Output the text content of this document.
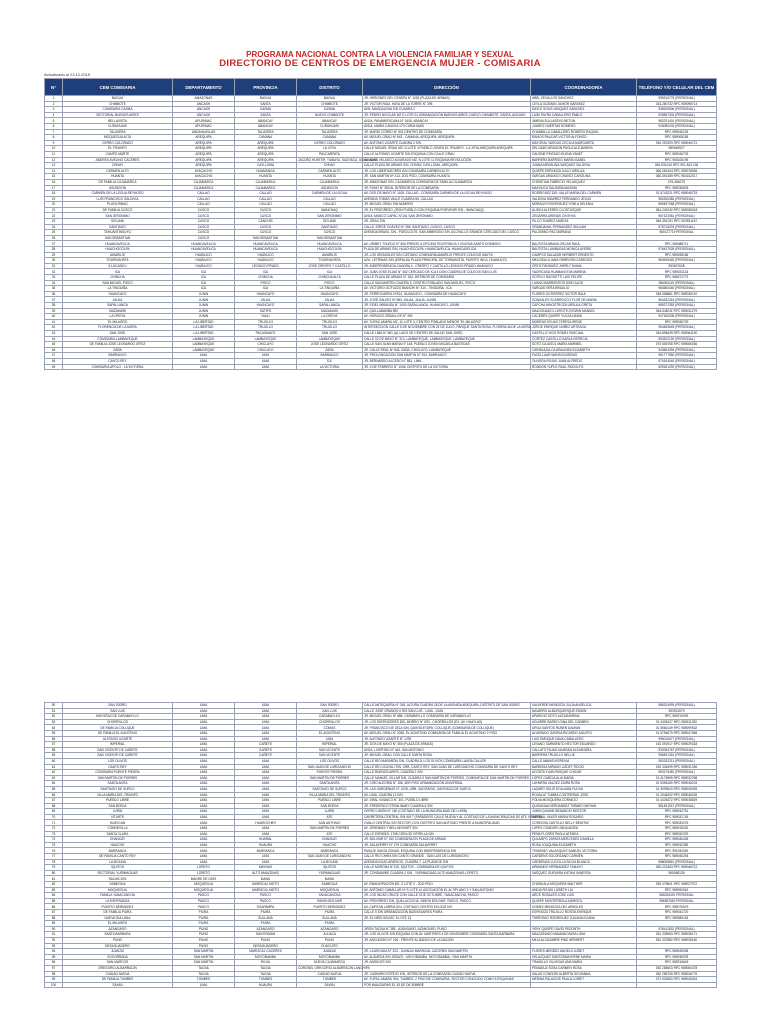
PROGRAMA NACIONAL CONTRA LA VIOLENCIA FAMILIAR Y SEXUAL
DIRECTORIO DE CENTROS DE EMERGENCIA MUJER - COMISARIA
Actualizado al 23.12.2019
N°	CEM COMISARIA	DEPARTAMENTO	PROVINCIA	DISTRITO	DIRECCIÓN	COORDINADOR/A	TELÉFONO Y/O CELULAR DEL CEM
1	BAGUA	AMAZONAS	BAGUA	BAGUA	JR. HEROINES DEL CENEPA N° 1026 (PLAZA DE ARMAS)	ABEL ZEVALLOS SÁNCHEZ	995316775 (PERSONAL)
2	CHIMBOTE	ANCASH	SANTA	CHIMBOTE	JR. VICTOR RAUL HAYA DE LA TORRE N° 296	LEYLA GUZMAN JUNIOR NARVAEZ	043-280732 RPC 989098714
3	COMISARIA CASMA	ANCASH	CASMA	CASMA	AVN. MAGDALENA S/N CUADRA 2	DAYLE SOLIS VASQUEZ SÁNCHEZ	938190806 (PERSONAL)
4	SECTORIAL BUENOS AIRES	ANCASH	SANTA	NUEVO CHIMBOTE	JR. PEDRO NICOLÁS MZ E LOTE 01 URBANIZACIÓN BUENOS AIRES, NUEVO CHIMBOTE, SANTA, ANCASH	LAIDI PAYRA CABALLERO PABLO	925557303 (PERSONAL)
5	BELLAVISTA	APURIMAC	ABANCAY	ABANCAY	AVDA. PANAMERICANA N° 1608, ABANCAY	JIMENA SULLASEVO BETUN	983751401 (PERSONAL)
6	CURAHUASI	APURIMAC	ABANCAY	CURAHUASI	AVDA. MARÍA CANCHA 170 CURAHUASI	JUAREZ HUERTAS ROMERO	925080203 (PERSONAL)
7	TALAVERA	ANDAHUAYLAS	TALAVERA	TALAVERA	JR. MARIO CORRO N° 601 DENTRO DE COMISARÍA	CHAMBILLA CABALLERO ROMERO RAQUEL	RPC 989046193
8	MOQUEGUA ALTA	AREQUIPA	CAMANA	CAMANA	AV. MIGUEL GRAU Nº 843 - CAMANÁ, AREQUIPA, AREQUIPA	RAMOS PAUCAR VICTOR ALFONSO	RPC 989008165
9	CERRO COLORADO	AREQUIPA	AREQUIPA	CERRO COLORADO	AV. ANTONIO UGARTE CUADRA 2 S/N	MAYORAL VARGAS CECILIA MARGARITA	054 257693 RPC 989046721
10	EL TRIUNFO	AREQUIPA	AREQUIPA	LA JOYA	CALLE MIGUEL GRAU MZ. D LOTE 4 PUEBLO JOVEN EL TRIUNFO - LA JOYA AREQUIPA AREQUIPA	DELGADO ARAGON PAOLA ALEJANDRA	989046527
11	CAMPO MARTE	AREQUIPA	AREQUIPA	PAUCARPATA	CALLE ALFONSO UGARTE S/N ESQUINA CON CALLE GRAU	CALIENE PINTADO ELENA YANET	RPC 989046733
12	ANDRES AVELINO CACERES	AREQUIPA	AREQUIPA	JACOBO HUNTER, TIABAYA, SACHACA, UCHUMAYO	AV. JUAN VELASCO ALVARADO MZ. N LOTE 11 ESQUINA REVOLUCION	BARRERA BARRIGO MARIA ISABEL	RPC 955106195
13	CHIVAY	AREQUIPA	CAYLLOMA	CHIVAY	CALLE PLAZA DE ARMAS S/N, CHIVAY, CAYLLOMA, AREQUIPA	JUANA MEDALINA VASQUEZ VALDIVIA	054-531016 RPC 991 843 138
14	CARMEN ALTO	AYACUCHO	HUAMANGA	CARMEN ALTO	JR. LOS LIBERTADORES S/N COMISARÍA CARMEN ALTO	QUISPE ESPINOZA JULIO URSULA	066-281544 RPC 989078096
15	HUANTA	AYACUCHO	HUANTA	HUANTA	JR. SAN MARTÍN Nº 413, 2DO PISO, COMISARÍA HUANTA	VARGAS ARANGO CHAVEZ CAROLINA	066-391359 RPC 983152017
16	DE FAMILIA CAJAMARCA	CAJAMARCA	CAJAMARCA	CAJAMARCA	JR. AMAZONAS S/N, CAJAMARCA COMISARÍA DE FAMILIA CAJAMARCA	CHRISTIAN FABRICIO VELASQUEZ	076-366279
17	ASUNCION	CAJAMARCA	CAJAMARCA	ASUNCION	JR. PUNO N° 353 AL INTERIOR DE LA COMISARÍA	MACHUCA SALDAÑA MAXIMA	RPC 989036603
18	CARMEN DE LA LEGUA REYNOSO	CALLAO	CALLAO	CARMEN DE LA LEGUA	AV. DOS DE MAYO N° 1108, CALLAO - COMISARÍA CARMEN DE LA LEGUA REYNOSO	RODRIGUEZ DEL VALLE MARIA DEL CARMEN	01 5743221 RPC 989048733
19	LUIS FRANCISCO SALDIVIA	CALLAO	CALLAO	CALLAO	AVENIDA TOMAS VALLE CUADRA 56, CALLAO	VALDIVIA RAMIREZ FERNANDO JESUS	980330382 (PERSONAL)
20	PLAYA RIMAC	CALLAO	CALLAO	CALLAO	JR. MIGUEL GRAU SIN NÚMERO	MORALES RODRIGUEZ YOBLA SELENIA	969497268 (PERSONAL)
21	DE FAMILIA CUSCO	CUSCO	CUSCO	WANCHAQ	JR. EL PROGRESO, (RON PUEBLO CON ESQUINA PORVENIR S/N - WANCHAQ)	ALISCA ALFERES CLOSTUSQUE	084-240240 RPC 989036018
22	SAN JERONIMO	CUSCO	CUSCO	SAN JERONIMO	AVDA. MANCO CAPAC N°161 SAN JERONIMO	ZEGARRA ARENAS CINTHYA	967323361 (PERSONAL)
23	SICUANI	CUSCO	CANCHIS	SICUANI	JR. GRAU S/N	PILCO SUÁREZ MARIZA	084-351031 RPC 953531167
24	SANTIAGO	CUSCO	CUSCO	SANTIAGO	CALLE JORGE CHÁVEZ Nº 396, SANTIAGO, CUSCO, CUSCO	GRANDAHAL FERNANDEZ WILLIAM	978716203 (PERSONAL)
25	TAHUANTINSUYO	CUSCO	CUSCO	CUSCO	AVENIDA BRASIL S/N - PUEDLOLTS: SAN AMBROSIO S/N UCCHULLO GRANDE CERCADO DEL CUSCO	PALOMINO PAZ MARIANA	980127719 PERSONAL
26	SAN SEBASTIAN	CUSCO	SAN SEBASTIAN	SAN SEBASTIAN			
27	HUANCAVELICA	HUANCAVELICA	HUANCAVELICA	HUANCAVELICA	AV. URIBEY TOLEDO N° 506 FRENTE A OFICINA TELEFONICA Y IGLESIA SANTO DOMINGO	BAUTISTA ARANA OSCAR RAUL	RPC 989088711
28	HUACHOCOLPA	HUANCAVELICA	HUANCAVELICA	HUACHOCOLPA	PLAZA DE ARMAS S/N, HUACHOCOLPA, HUANCAVELICA, HUANCAVELICA	BAUTISTA LUMBAGAS MONICA AYERIE	976437928 (PERSONAL)
29	AMARILIS	HUÁNUCO	HUÁNUCO	AMARILIS	JR. LOS GIRASOLES S/N COSTADO COMISARÍA AMARILIS FRENTE COLEGIO MAYTA	CAMPOS SALAZAR HERBERT ERNESTO	RPC 989298156
30	TOURNAVISTA	HUÁNUCO	HUÁNUCO	TOURNAVISTA	AZA. LETRINAS S/N (ESPALDA PLAZA PRINCIPAL DE TORNAVISTA, PUERTO INCA, HUANUCO)	MELISSA LILIANA OBREGÓN CARDOZO	964945445 (PERSONAL)
31	ILLUCANCU	HUÁNUCO	LEONCIO PRADO	JOSE CRESPO Y CASTILLO	JR. INDEPENDENCIA CUADRA 4 - CRESPO Y CASTILLO-LEONCIO PRADO-HUÁNUCO	ORTIZ PANDURO JHERLY DIANA	953637638
32	ICA	ICA	ICA	ICA	AV. JUAN JOSE ELIAS N° 462 CERCADO DE ICA 4 DON CUADRA DE COLEGIO SAN LUIS	YAURICASA HUAMANI EVA MARINA	RPC 989031133
33	CHINCHA	ICA	CHINCHA	CHINCHA ALTA	CALLE PLAZA DE ARMAS N° 183, INTERIOR DE COMISARÍA	SOTELO RAGGETTI LUIS FELIPE	RPC 986372773
34	SAN MIGUEL PISCO	ICA	PISCO	PISCO	CALLE SAN MARTÍN CUADRA 3, CENTRO POBLADO SAN MIGUEL, PISCO	LIVANO BARRIENTOS DINO ALDO	956361115 (PERSONAL)
35	LA TINGUIÑA	ICA	ICA	LA TINGUIÑA	AV. VICTORIO GOTUZZO BIANCHI N° 310 - TINGUIÑA - ICA	VARGAS VERA BRAULIO	984560440 (PERSONAL)
36	HUANCAYO	JUNIN	HUANCAYO	HUANCAYO	JR. FERROCARRIL Nº514, HUANCAYO - COMISARÍA DE HUANCAYO	FLORES GUTIERREZ VICTOR RAUL	064 588681 RPC 989036110
37	JAUJA	JUNIN	JAUJA	JAUJA	JR. JOSÉ GÁLVEZ Nº 583, JAUJA, JAUJA, JUNÍN	GONZALES SCARROCCO FLOR DE MARIA	964332316 (PERSONAL)
38	SAPALLANGA	JUNIN	HUANCAYO	SAPALLANGA	JR. FIDEL MIRANDA N° 1003 SAPALLANGA, HUANCAYO, JUNIN	CAPCHA HINOSTROZA URSULA GRETA	989372353 (PERSONAL)
39	MAZAMARI	JUNIN	SATIPO	MAZAMARI	AV. QUILLABAMBA 890	MALDONADO LLEROTEJ EDWIN MANUEL	064-548011 RPC 989031279
40	LA OROYA	JUNIN	YAULI	LA OROYA	AV. HORACIO ZEBALLOS N° 309	CACERES QUISPE YULSA NADIA	947160335 (PERSONAL)
41	EL MILAGRO	LA LIBERTAD	TRUJILLO	TRUJILLO	AV. TUPAC AMARU MZ. 11 LOTE 3, CENTRO POBLADO MENOR "EL MILAGRO"	MORENO ROJAS TERESA IRENE	RPC 989036729
42	FLORENCIA DE LA MORA	LA LIBERTAD	TRUJILLO	TRUJILLO	INTERSECCIÓN CALLE 5 DE NOVIEMBRE CON 24 DE JULIO, PARQUE SANTA ROSA, FLORENCIA DE LA MORA	JORGE ENRIQUE NUÑEZ ARTEAGA	953483649 (PERSONAL)
43	SAN JOSE	LA LIBERTAD	PACASMAYO	SAN JOSE	CALLE LIMA N° 661 (AL LADO DE CENTRO DE SALUD SAN JOSÉ)	CASTILLO VIGO ROMEL PASCUAL	043-896639 RPC 989064190
44	COMISARIA LAMBAYEQUE	LAMBAYEQUE	LAMBAYEQUE	LAMBAYEQUE	CALLE 02 DE MAYO N° 313, LAMBAYEQUE, LAMBAYEQUE, LAMBAYEQUE	CORTEZ CASTILLO KARLA PATRICIA	953322190 (PERSONAL)
45	DE FAMILIA JOSE LEONARDO ORTIZ	LAMBAYEQUE	CHICLAYO	JOSE LEONARDO ORTIZ	CALLE SAN JUAN MARIA N° 148, PUEBLO JOVEN MICAELA BASTIDAS	SOTO CAJUSOL MARIA MARIBEL	074 606708 RPC 989066036
46	ZAÑA	LAMBAYEQUE	CHICLAYO	ZAÑA	JR. CALLE REAL Nº 843, ZAÑA, CHICLAYO, LAMBAYEQUE	CARHUAJULCA ARALINEA ELIZABETH	943663394 (PERSONAL)
47	BARRANCO	LIMA	LIMA	BARRANCO	JR. PROLONGACION SAN MARTIN N° 253, BARRANCO	FACELLUAR MANSI EUGENIO	951777960 (PERSONAL)
48	CANTO REY	LIMA	LIMA	SJL	JR. BERNARDO ALCEDO N° 881, LIMA	OLIVERA ROJAS JUAN ALFREDO	974104040 (PERSONAL)
49	COMISARIA APOLO - LA VICTORIA	LIMA	LIMA	LA VICTORIA	JR. 3 DE FEBRERO N° 1066, DISTRITO DE LA VICTORIA	RONDON YUPLE RAUL RODOLFO	929181292 (PERSONAL)
50	SAN ISIDRO	LIMA	LIMA	SAN ISIDRO	CALLE ANTEQUERA N° 318, ALTURA CUADRA 26 DE LA AVENIDA AREQUIPA, DISTRITO DE SAN ISIDRO	VALVERDE MENDOZA JULIA ANGELICA	986324993 (PERSONAL)
51	SAN LUIS	LIMA	LIMA	SAN LUIS	CALLE JOSÉ ORANGO # 903 SAN LUIS - LIMA - LIMA	NAVARRO ALBURQUERQUE EDWIN	953912679
52	MAYORAZ DE CARABAYLLO	LIMA	LIMA	CARABAYLLO	JR. MIGUEL GRAU Nº 688, CARABAYLLO COMISARÍA DE CARABAYLLO	APARICIO SOTO ALEJANDRINA	RPC 989219309
53	CHORRILLOS	LIMA	LIMA	CHORRILLOS	JR. LOS DEFENSORES DEL MORRO N° 693 - CHORRILLOS (EX. AV. HUAYLAS)	AGUIRRE BAREO GINA DEL CARMEN	01 3495127 RPC 989211330
54	DE FAMILIA COLLIQUE	LIMA	LIMA	COMAS	JR. FRANCISCO DE ZELA S/N, QUINTA ETAPA, COLLIQUE (COMISARÍA DE COLLIQUE)	URGA SANTOS RUBEN DAMIAN	01 5580149 RPC 989099532
55	DE FAMILIA EL AGUSTINO	LIMA	LIMA	EL AGUSTINO	AV. MIGUEL GRAU N° 2080, EL AGUSTINO COMISARÍA DE FAMILIA EL AGUSTINO 2 PISO	ALVARADO GAVIRIA RICARDO AGUSTO	01 5794679 RPC 989047568
56	ALFONSO UGARTE	LIMA	LIMA	LIMA	JR. ALFONSO UGARTE N° 1293	LUIS ENRIQUE NAVA CABALLERO	996016677 (PERSONAL)
57	IMPERIAL	LIMA	CAÑETE	IMPERIAL	JR. DOS DE MAYO N° 350 (PLAZA DE ARMAS)	LEVANO SARMIENTO HECTOR EDUARDO	015 391917 RPC 989029318
58	SAN VICENTE DE CAÑETE	LIMA	CAÑETE	SAN VICENTE	AVDA. LIVERTAD N° 444, SAN ANTONIO	CALLATO FAJAS ALVARAN ALEJANDRA	932054787 (PERSONAL)
59	SAN VICENTE DE CAÑETE	LIMA	CAÑETE	SAN VICENTE	JR. MIGUEL GRAU CON CALLE SANTA ROSA	BARRERA TRUJILLO NELLIE	956491316 (PERSONAL)
60	LOS OLIVOS	LIMA	LIMA	LOS OLIVOS	CALLE RIO MARAÑÓN S/N, CUADRA 8, LOS OLIVOS COMISARÍA LAURA CALLER	CALLE ABANSI KEREVIA	952032211 (PERSONAL)
61	CANTO REY	LIMA	LIMA	SAN JUAN DE LURIGANCHO	CALLE RÍO UCAYALI S/N, URB. CANTO REY, SAN JUAN DE LURIGANCHO COMISARÍA DE CANTO REY	BARBOSA MIRANO LIZDET ROCIO	015 336499 RPC 989031336
62	COMISARIA PUENTE PIEDRA	LIMA	LIMA	PUENTE PIEDRA	CALLE BUENOS AIRES, CUADRA 2 S/N	ACOSTA YUAN PASQUE CHICAR	953179481 (PERSONAL)
63	SAN MARTIN DE PORRES	LIMA	LIMA	SAN MARTIN DE PORRES	CALLE MANUEL VILLAR S/N, CUADRA 3 SAN MARTÍN DE PORRES, COMISARÍA DE SAN MARTÍN DE PORRES	LOPEZ GARCIA ALIA MARIA	01 4179695 RPC 989032298
64	SANTA ANITA	LIMA	LIMA	SANTA ANITA	JR. CIRO ALEGRÍA N° 156, 3ER PISO URBANIZACIÓN UNIVERSAL	LAYMERA VALDEZ ZAIRA ROSA	01 5356160 RPC 989046215
65	SANTIAGO DE SURCO	LIMA	LIMA	SANTIAGO DE SURCO	JR. LAS GARDENIAS N° 1028, URB. SAGITARIO, SANTIAGO DE SURCO	LAZARO SOLIS DOLLMAN FULVIA	01 3999543 RPC 989040039
66	VILLA MARIA DEL TRIUNFO	LIMA	LIMA	VILLA MARIA DEL TRIUNFO	AV. LIMA, CUADRA 13 S/N	ROVALLE TUMBA CONTRERAS JOSE	01 2946292 RPC 989046226
67	PUEBLO LIBRE	LIMA	LIMA	PUEBLO LIBRE	AV. GRAL VIVANCO N° 301, PUEBLO LIBRE	FOLVA MOSQUERA CORNEJO	01 4439372 RPC 989038529
68	SAN BORJA	LIMA	LIMA	SAN BORJA	JR. FREDERICO STEMLINABY CUADRA 6 S/N	QUIGANAA HERNANDEZ THBIMO NATHAN	981451912 (PERSONAL)
69	LURIN	LIMA	LIMA	LURIN	CERRO UNIÓN N° 160 (COSTADO DE LA MUNICIPALIDAD DE LURIN)	JUNIN QUIANE BENANCIO NESTOR	RPC 989032751
70	VITARTE	LIMA	LIMA	ATE	CARRETERA CENTRAL S/N KM 7 (PARADERO CALLE NUEVA Y AL COSTADO DE LA MUNICIPALIDAD DE ATE VITARTE)	MIRABAL VALER MARIA ROSARIO	RPC 989031745
71	HUAYCAN	LIMA	HUAROCHIRI	SAN ANTONIO	OVALO CENTRAL S/N SECTOR CIVIL DISTRITO SAN ANTONIO FRENTE A MUNICIPALIDAD	CORDOVA CASTILLO NELLY BEATRIZ	RPC 989030076
72	CONDEVILLA	LIMA	LIMA	SAN MARTIN DE PORRES	AV. JEREMÍAS Y BELLINGHURT S/N	LOPEZ CONDOR LINDA AIDEA	RPC 989015152
73	SANTA CLARA	LIMA	LIMA	ATE	CALLE ESPAÑOL 1765 CDRA 35 VITRELLA S/N	PEÑA FLORES PAOLA ATENEA	RPC 989032292
74	CHANCAY	LIMA	HUARAL	CHANCAY	JR. BOLIVAR N° 150 COMISARÍA EN PLAZA DE ARMAS	QULAMPO ZAPATA MERCEDES DANIELA	RPC 989036435
75	HUACHO	LIMA	HUAURA	HUACHO	JR. SALAVERRY N° 279 COMISARÍA SALAVERRY	ROSA JOAQUINA ELIZABETH	RPC 989032359
76	BARRANCA	LIMA	BARRANCA	BARRANCA	PASAJE SANTA ZONAS, ESQUINA CON INDEPENDENCIA S/N	TEMIONIO VALASQUEZ SAMUEL VICTORIA	RPC 991934329
77	DE FAMILIA CANTO REY	LIMA	LIMA	SAN JUAN DE LURIGANCHO	CALLE RIO CHIRA S/N CANTO GRANDE - SAN LUIS DE LURIGANCHO	CARDENS SOLORZANO CARMEN	RPC 989046254
78	LA MOLINA	LIMA	LIMA	LA MOLINA	AVENIDA ELIAS APARICIO, CUADRA 7, LA PLANICIE S/N	CÁRDENAS LUCCILLA SILVIA BLANCA	988008661 (PERSONAL)
79	IQUITOS	LORETO	MAYNAS	IQUITOS	CALLE MORONA N°126, IQUITOS - COMISARÍA DE IQUITOS	ARMANDO HERNANDEZ TAMAYO	065-221663 RPC 989046712
80	SECTORIAL YURIMAGUAS	LORETO	ALTO AMAZONAS	YURIMAGUAS	JR. CONDAMINE CUADRA 2 S/N - YURIMAGUAS-ALTO AMAZONAS-LORETO	VASQUEZ GUEVARA KATHIA VANESSA	965068136
81	SALVACION	MADRE DE DIOS	MANU	MANU			
82	SAMEGUA	MOQUEGUA	MARISCAL NIETO	SAMEGUA	AV. EMANCIPACIÓN MZ. Z LOTE 2 - 2DO PISO	CHAHUALA MOQUERA WALTHER	053 479841 RPC 989027972
83	MOQUEGUA	MOQUEGUA	MARISCAL NIETO	MOQUEGUA	AV. ANTONIO CABALLAR Nº S LOTE 41 ASOCIACIÓN EL ALTIPLANO 2 Y SAN ANTONIO	ANDIA ROJAS LIZBETH LILI	RPC 989050516
84	FAMILIA YANACANCHA	PASCO	PASCO	YANACANCHA	JR. LOS INCAS CRUCE CON CALLE 3 DE OCTUBRE, YANACANCHA, PASCO	ARCE ROSALES JOSE LUIS	968253491 PERSONAL
85	LA ESPERANZA	PASCO	PASCO	SIMON BOLIVAR	AV. PROGRESO S/N, QUILLACOCHA, SIMON BOLIVAR, PASCO, PASCO	QUISPE MONTERROLA MARISOL	986557653 PERSONAL
86	PUERTO BERMUDEZ	PASCO	OXAPAMPA	PUERTO BERMUDEZ	AV. CAPITAN LARRIA S/N, COSTADO CENTRO EDUCATIVO	GOMEZ MENDOZA DEL ARBOLES	RPC 989075579
87	DE FAMILIA PIURA	PIURA	PIURA	PIURA	CALLE 5 S/N URBANIZACIÓN BUENOSAIRES PIURA	ESPINOZA TRUJILLO ROSITA ENRIQUE	RPC 989044720
88	NUEVA SULLANA	PIURA	SULLANA	SULLANA	JR. EL NIÑO S/N MZ. 8 LOTE 13	THREONIO RODRIGUEZ JULIANA ELIANA	RPC 989085118
89	EL MILAGRO	PIURA	PIURA	PIURA			
90	AZANGARO	PUNO	AZANGARO	AZANGARO	JIRÓN TACNA N° 385 - AZÁNGARO, AZÁNGARO, PUNO	YENY QUISPE DAVID PEDONTH	976411832 (PERSONAL)
91	SANTA BARBARA	PUNO	SAN ROMAN	JULIACA	JR. LOS OLIVOS S/N ESQUINA CON AV. MÁRTIRES 4 DE NOVIEMBRE COMISARÍA SANTA BARBARA	MALDONADO MAMANCHURA LIDIA	051 335963 RPC 989036171
92	PUNO	PUNO	PUNO	PUNO	JR. ANCUDIGIO N° 236 - FRENTE AL BANCO DE LA NACIÓN	MILIA ALCAZABRE PINZ HERBERT	051 337882 RPC 989036160
93	DESAGUADERO	PUNO	DESAGUADERO	CHUCUITO			
94	JUANJUI	SAN MARTIN	MARISCAL CACERES	JUANJUI	JR. LA ARCADA N° 323 - JUANJUI MARISCAL CÁCERES SAN MARTÍN	FLORES MENDEZ ANGELS LIZBET	RPC 989045938
95	SOCORRADA	SAN MARTIN	MOYOBAMBA	MOYOBAMBA	AV. ALAMEDA S/N, BRAZO - MOYOBAMBA, MOYOBAMBA - SAN MARTIN	VELAZQUEZ SANTOSMA IRENE MARIA	RPC 989036078
96	SAN MARCOS	SAN MARTIN	RIOJA	NUEVA CAJAMARCA	JR. ANGELES S/N	TRAMILLO VILLEGAS ANA MARIA	RPC 989216643
97	GREGORIO ALBARRACIN	TACNA	TACNA	CORONEL GREGORIO ALBARRACIN LANCHIPA		PEMADUZ SOSA CARMEN ROSA	052 286603 RPC 989084478
98	CIUDAD NUEVA	TACNA	TACNA	CIUDAD NUEVA	JR. CASIMIRO ESPEJO S/N, INTERIOR DE LA COMISARÍA CIUDAD NUEVA	SALAS CONDORI ALBERTA GIOVANNA	052 285705 RPC 989046776
99	DE FAMILIA TUMBES	TUMBES	TUMBES	TUMBES	AV. TUPAC AMARU S/N, TUMBES, 2 PISO DE COMISARIA, SECTOR CONOCIDO COMO 5 ESQUINAS	MEDINA PALACIOS PAULA LOIRET	072 526363 RPC 989046334
100	SAYAN	LIMA	HUAURA	SAYAN	POR INAUGURAR EL 30 DE DICIEMBRE		
